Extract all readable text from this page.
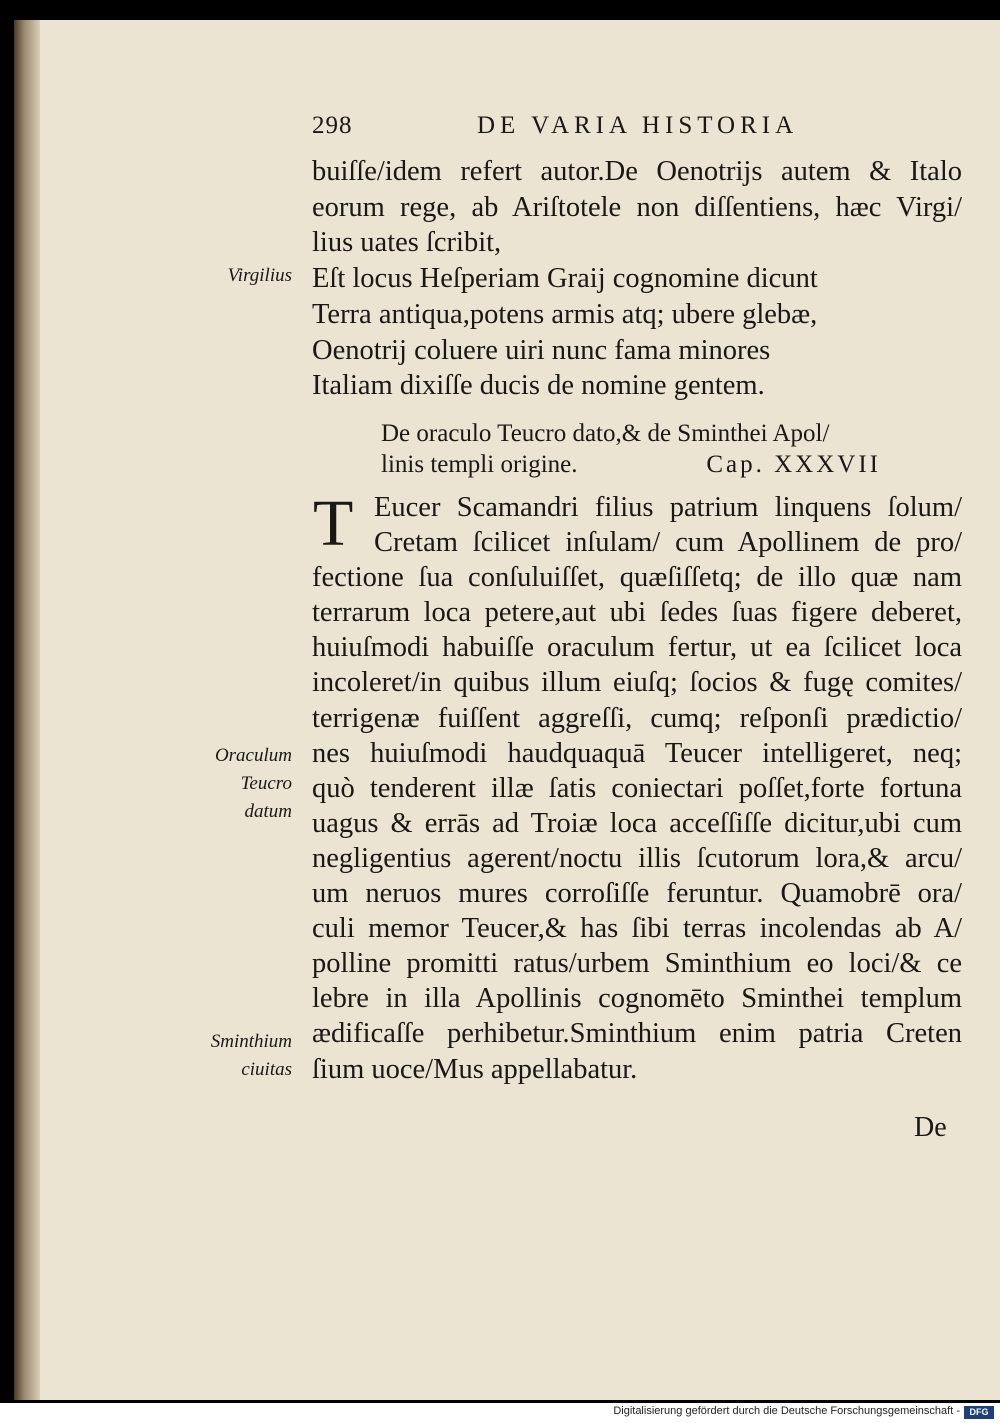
298	DE VARIA HISTORIA
buiſſe/idem refert autor.De Oenotrijs autem & Italo
eorum rege, ab Ariſtotele non diſſentiens, hæc Virgi/
lius uates ſcribit,
Eſt locus Heſperiam Graij cognomine dicunt
Terra antiqua,potens armis atq; ubere glebæ,
Oenotrij coluere uiri nunc fama minores
Italiam dixiſſe ducis de nomine gentem.
De oraculo Teucro dato,& de Sminthei Apol/
linis templi origine.	Cap. XXXVII
T Eucer Scamandri filius patrium linquens ſolum/
Cretam ſcilicet inſulam/ cum Apollinem de pro/
fectione ſua conſuluiſſet, quæſiſſetq; de illo quæ nam
terrarum loca petere,aut ubi ſedes ſuas figere deberet,
huiuſmodi habuiſſe oraculum fertur, ut ea ſcilicet loca
incoleret/in quibus illum eiuſq; ſocios & fugę comites/
terrigenæ fuiſſent aggreſſi, cumq; reſponſi prædictio/
nes huiuſmodi haudquaquā Teucer intelligeret, neq;
quò tenderent illæ ſatis coniectari poſſet,forte fortuna
uagus & errās ad Troiæ loca acceſſiſſe dicitur,ubi cum
negligentius agerent/noctu illis ſcutorum lora,& arcu/
um neruos mures corroſiſſe feruntur. Quamobrē ora/
culi memor Teucer,& has ſibi terras incolendas ab A/
polline promitti ratus/urbem Sminthium eo loci/& ce
lebre in illa Apollinis cognomēto Sminthei templum
ædificaſſe perhibetur.Sminthium enim patria Creten
ſium uoce/Mus appellabatur.
Virgilius
Oraculum
Teucro
datum
Sminthium
ciuitas
De
Digitalisierung gefördert durch die Deutsche Forschungsgemeinschaft -	DFG
